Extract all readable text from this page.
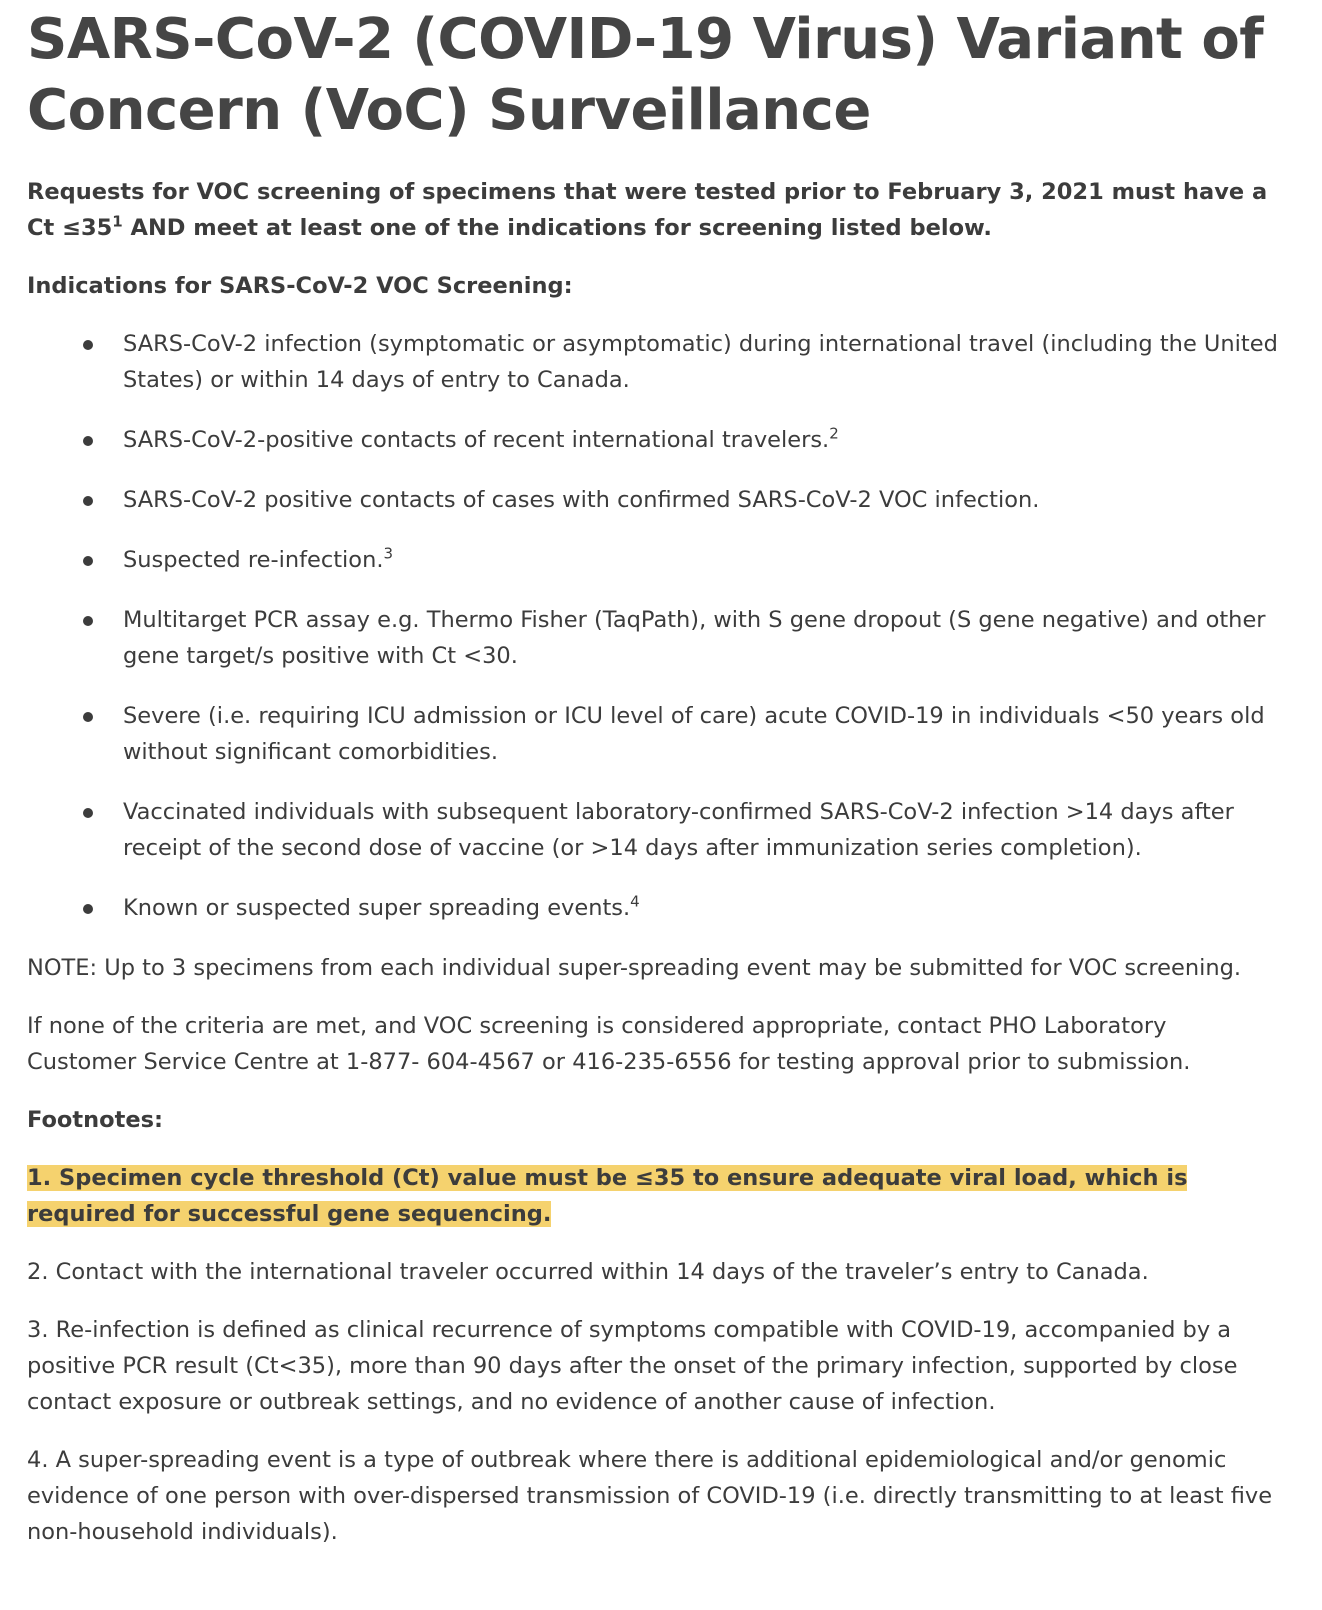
SARS-CoV-2 (COVID-19 Virus) Variant of Concern (VoC) Surveillance

Requests for VOC screening of specimens that were tested prior to February 3, 2021 must have a $Ct \le 35^1$ AND meet at least one of the indications for screening listed below.

Indications for SARS-CoV-2 VOC Screening:

SARS-CoV-2 infection (symptomatic or asymptomatic) during international travel (including the United States) or within 14 days of entry to Canada.
SARS-CoV-2-positive contacts of recent international travelers.$^2$
SARS-CoV-2 positive contacts of cases with confirmed SARS-CoV-2 VOC infection.
Suspected re-infection.$^3$
Multitarget PCR assay e.g. Thermo Fisher (TaqPath), with S gene dropout (S gene negative) and other gene target/s positive with Ct <30.
Severe (i.e. requiring ICU admission or ICU level of care) acute COVID-19 in individuals <50 years old without significant comorbidities.
Vaccinated individuals with subsequent laboratory-confirmed SARS-CoV-2 infection >14 days after receipt of the second dose of vaccine (or >14 days after immunization series completion).
Known or suspected super spreading events.$^4$

NOTE: Up to 3 specimens from each individual super-spreading event may be submitted for VOC screening.

If none of the criteria are met, and VOC screening is considered appropriate, contact PHO Laboratory Customer Service Centre at 1-877- 604-4567 or 416-235-6556 for testing approval prior to submission.

Footnotes:

1. Specimen cycle threshold (Ct) value must be ≤35 to ensure adequate viral load, which is required for successful gene sequencing.

2. Contact with the international traveler occurred within 14 days of the traveler’s entry to Canada.

3. Re-infection is defined as clinical recurrence of symptoms compatible with COVID-19, accompanied by a positive PCR result (Ct<35), more than 90 days after the onset of the primary infection, supported by close contact exposure or outbreak settings, and no evidence of another cause of infection.

4. A super-spreading event is a type of outbreak where there is additional epidemiological and/or genomic evidence of one person with over-dispersed transmission of COVID-19 (i.e. directly transmitting to at least five non-household individuals).
